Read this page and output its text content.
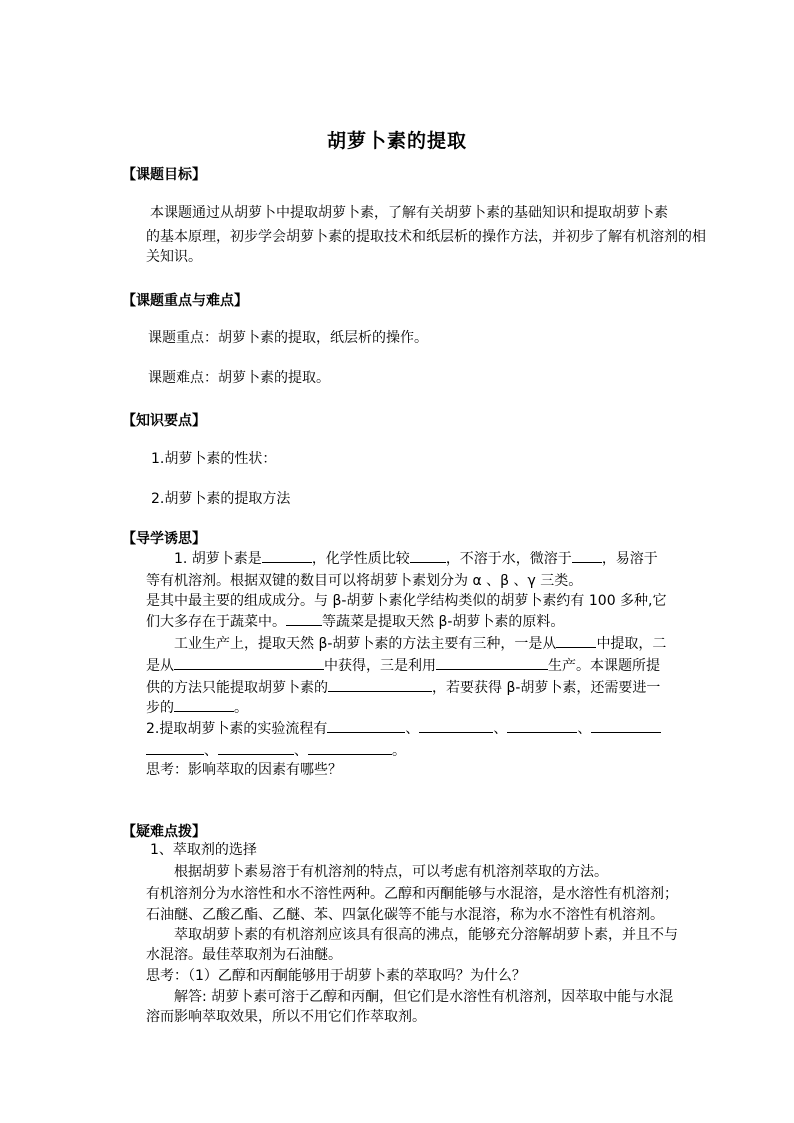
胡萝卜素的提取
【课题目标】
本课题通过从胡萝卜中提取胡萝卜素，了解有关胡萝卜素的基础知识和提取胡萝卜素
的基本原理，初步学会胡萝卜素的提取技术和纸层析的操作方法，并初步了解有机溶剂的相
关知识。
【课题重点与难点】
课题重点：胡萝卜素的提取，纸层析的操作。
课题难点：胡萝卜素的提取。
【知识要点】
1.胡萝卜素的性状：
2.胡萝卜素的提取方法
【导学诱思】
1. 胡萝卜素是	，化学性质比较	，不溶于水，微溶于 ，易溶于
等有机溶剂。根据双键的数目可以将胡萝卜素划分为 α 、β 、γ 三类。
是其中最主要的组成成分。与 β-胡萝卜素化学结构类似的胡萝卜素约有 100 多种,它
们大多存在于蔬菜中。	等蔬菜是提取天然 β-胡萝卜素的原料。
工业生产上，提取天然 β-胡萝卜素的方法主要有三种，一是从	中提取，二
是从	中获得，三是利用	生产。本课题所提
供的方法只能提取胡萝卜素的	，若要获得 β-胡萝卜素，还需要进一
步的	。
2.提取胡萝卜素的实验流程有	、	、	、
、	、	。
思考：影响萃取的因素有哪些？
【疑难点拨】
1、萃取剂的选择
根据胡萝卜素易溶于有机溶剂的特点，可以考虑有机溶剂萃取的方法。
有机溶剂分为水溶性和水不溶性两种。乙醇和丙酮能够与水混溶，是水溶性有机溶剂；
石油醚、乙酸乙酯、乙醚、苯、四氯化碳等不能与水混溶，称为水不溶性有机溶剂。
萃取胡萝卜素的有机溶剂应该具有很高的沸点，能够充分溶解胡萝卜素，并且不与
水混溶。最佳萃取剂为石油醚。
思考：（1）乙醇和丙酮能够用于胡萝卜素的萃取吗？为什么？
解答: 胡萝卜素可溶于乙醇和丙酮，但它们是水溶性有机溶剂，因萃取中能与水混
溶而影响萃取效果，所以不用它们作萃取剂。
